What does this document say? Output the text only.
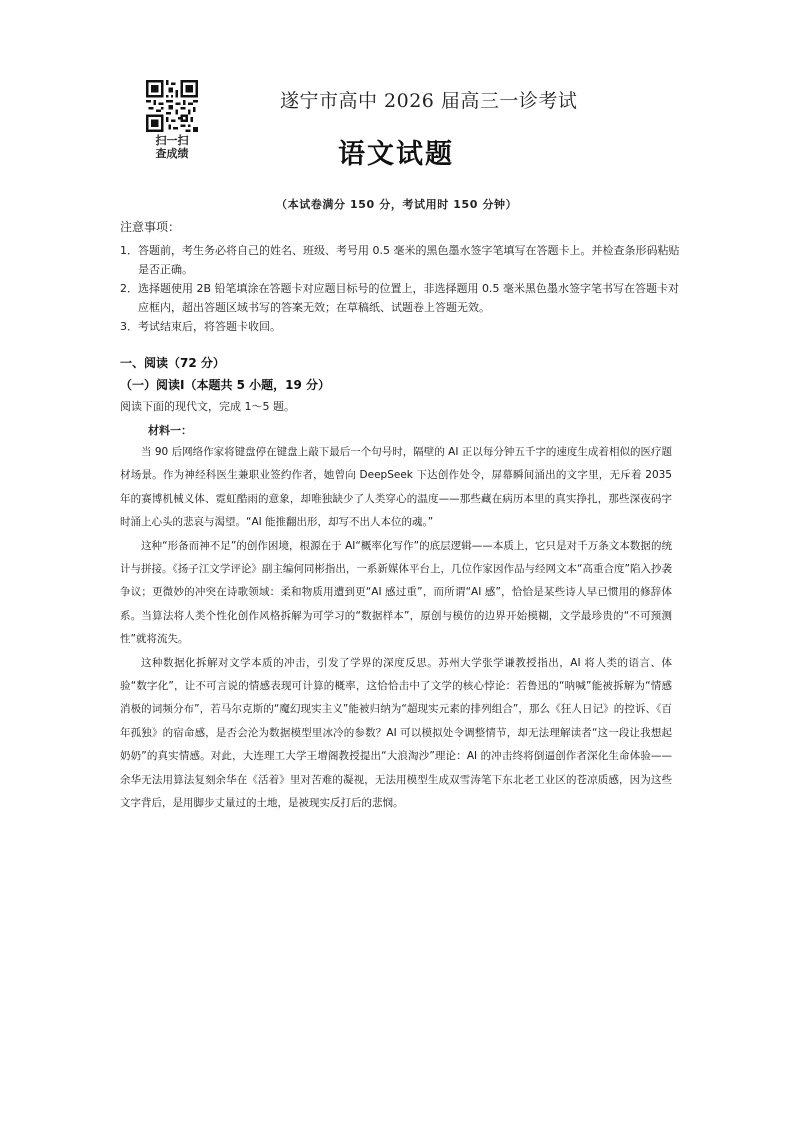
扫一扫
查成绩
遂宁市高中 2026 届高三一诊考试
语文试题
（本试卷满分 150 分，考试用时 150 分钟）
注意事项：

1．答题前，考生务必将自己的姓名、班级、考号用 0.5 毫米的黑色墨水签字笔填写在答题卡上。并检查条形码粘贴是否正确。

2．选择题使用 2B 铅笔填涂在答题卡对应题目标号的位置上，非选择题用 0.5 毫米黑色墨水签字笔书写在答题卡对应框内，超出答题区域书写的答案无效；在草稿纸、试题卷上答题无效。

3．考试结束后，将答题卡收回。

一、阅读（72 分）
（一）阅读Ⅰ（本题共 5 小题，19 分）
阅读下面的现代文，完成 1～5 题。
材料一：

当 90 后网络作家将键盘停在键盘上敲下最后一个句号时，隔壁的 AI 正以每分钟五千字的速度生成着相似的医疗题材场景。作为神经科医生兼职业签约作者，她曾向 DeepSeek 下达创作处令，屏幕瞬间涌出的文字里，无斥着 2035 年的赛博机械义体、霓虹酷雨的意象，却唯独缺少了人类穿心的温度——那些藏在病历本里的真实挣扎，那些深夜码字时涌上心头的悲哀与渴望。“AI 能推翻出形，却写不出人本位的魂。”

这种“形备而神不足”的创作困境，根源在于 AI“概率化写作”的底层逻辑——本质上，它只是对千万条文本数据的统计与拼接。《扬子江文学评论》副主编何同彬指出，一系新媒体平台上，几位作家因作品与经网文本“高重合度”陷入抄袭争议；更微妙的冲突在诗歌领域：柔和物质用遭到更“AI 感过重”，而所谓“AI 感”，恰恰是某些诗人早已惯用的修辞体系。当算法将人类个性化创作风格拆解为可学习的“数据样本”，原创与模仿的边界开始模糊，文学最珍贵的“不可预测性”就将流失。

这种数据化拆解对文学本质的冲击，引发了学界的深度反思。苏州大学张学谦教授指出，AI 将人类的语言、体验“数字化”，让不可言说的情感表现可计算的概率，这恰恰击中了文学的核心悖论：若鲁迅的“呐喊”能被拆解为“情感消极的词频分布”，若马尔克斯的“魔幻现实主义”能被归纳为“超现实元素的排列组合”，那么《狂人日记》的控诉、《百年孤独》的宿命感，是否会沦为数据模型里冰冷的参数？AI 可以模拟处令调整情节，却无法理解读者“这一段让我想起奶奶”的真实情感。对此，大连理工大学王增阁教授提出“大浪淘沙”理论：AI 的冲击终将倒逼创作者深化生命体验——余华无法用算法复刻余华在《活着》里对苦难的凝视，无法用模型生成双雪涛笔下东北老工业区的苍凉质感，因为这些文字背后，是用脚步丈量过的土地，是被现实反打后的悲悯。
